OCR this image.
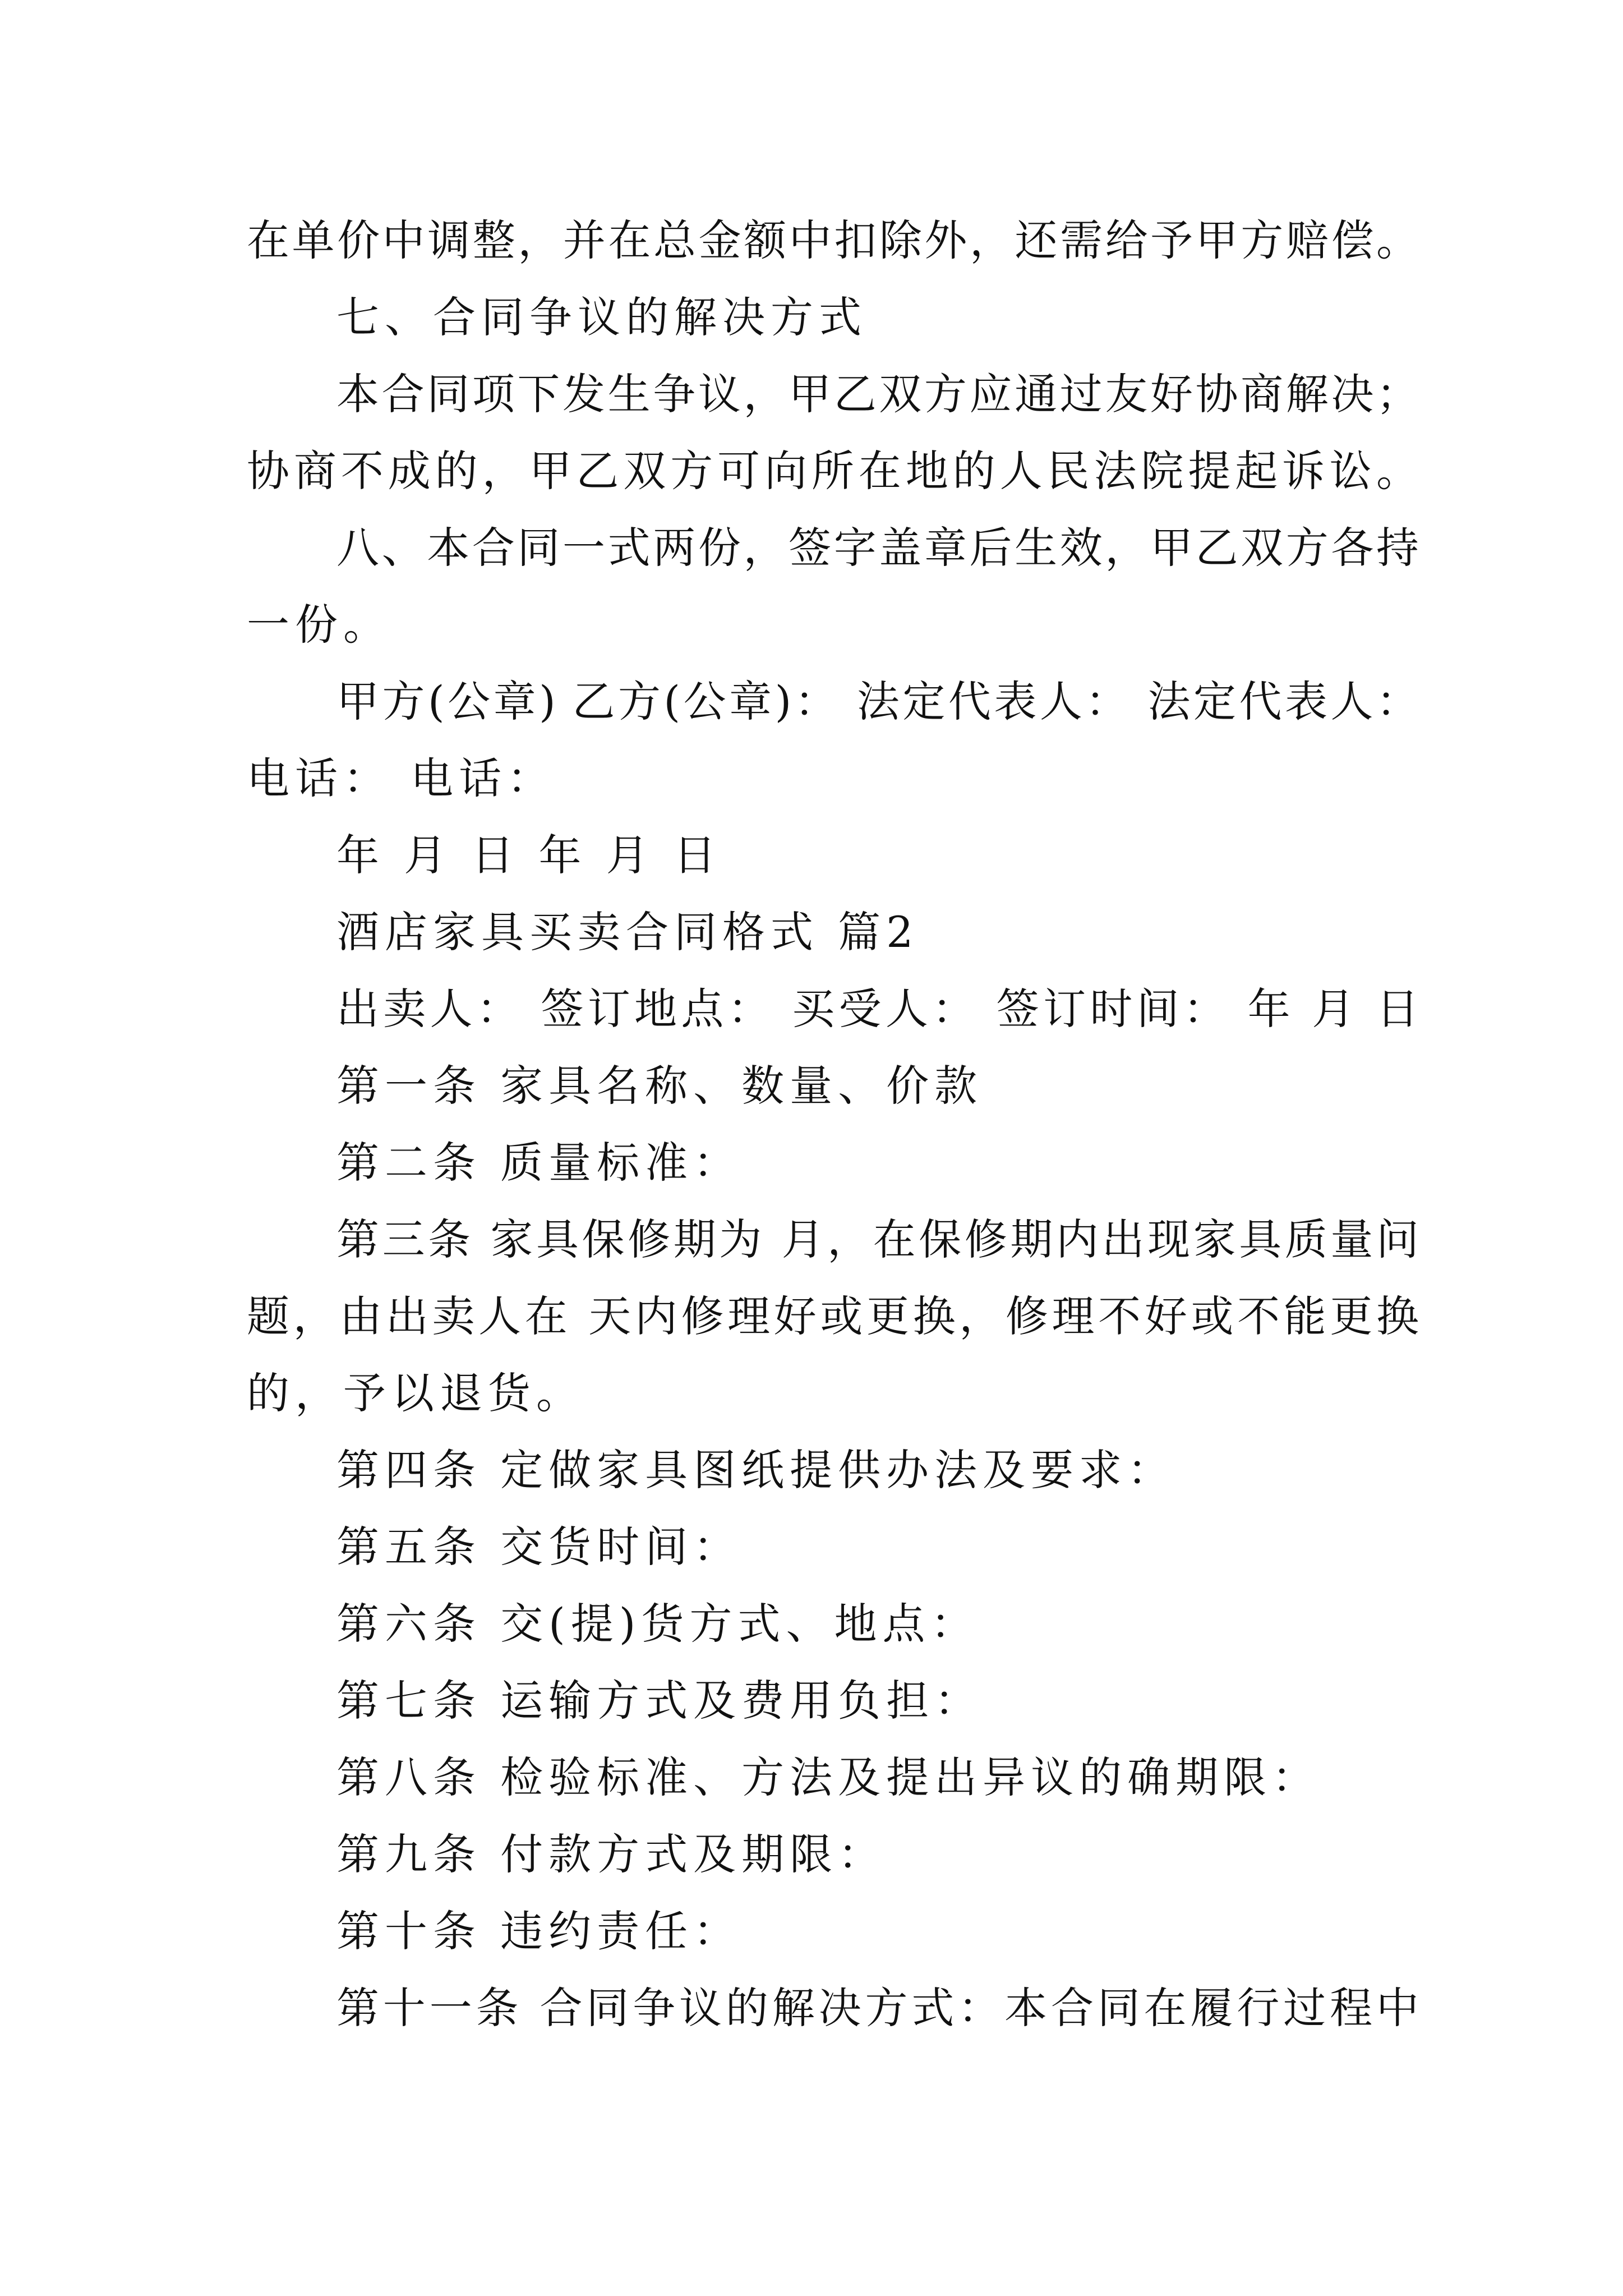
在单价中调整，并在总金额中扣除外，还需给予甲方赔偿。
七、合同争议的解决方式
本合同项下发生争议，甲乙双方应通过友好协商解决；
协商不成的，甲乙双方可向所在地的人民法院提起诉讼。
八、本合同一式两份，签字盖章后生效，甲乙双方各持
一份。
甲方(公章) 乙方(公章)： 法定代表人： 法定代表人：
电话： 电话：
年 月 日 年 月 日
酒店家具买卖合同格式 篇2
出卖人： 签订地点： 买受人： 签订时间： 年 月 日
第一条 家具名称、数量、价款
第二条 质量标准：
第三条 家具保修期为 月，在保修期内出现家具质量问
题，由出卖人在 天内修理好或更换，修理不好或不能更换
的，予以退货。
第四条 定做家具图纸提供办法及要求：
第五条 交货时间：
第六条 交(提)货方式、地点：
第七条 运输方式及费用负担：
第八条 检验标准、方法及提出异议的确期限：
第九条 付款方式及期限：
第十条 违约责任：
第十一条 合同争议的解决方式：本合同在履行过程中
